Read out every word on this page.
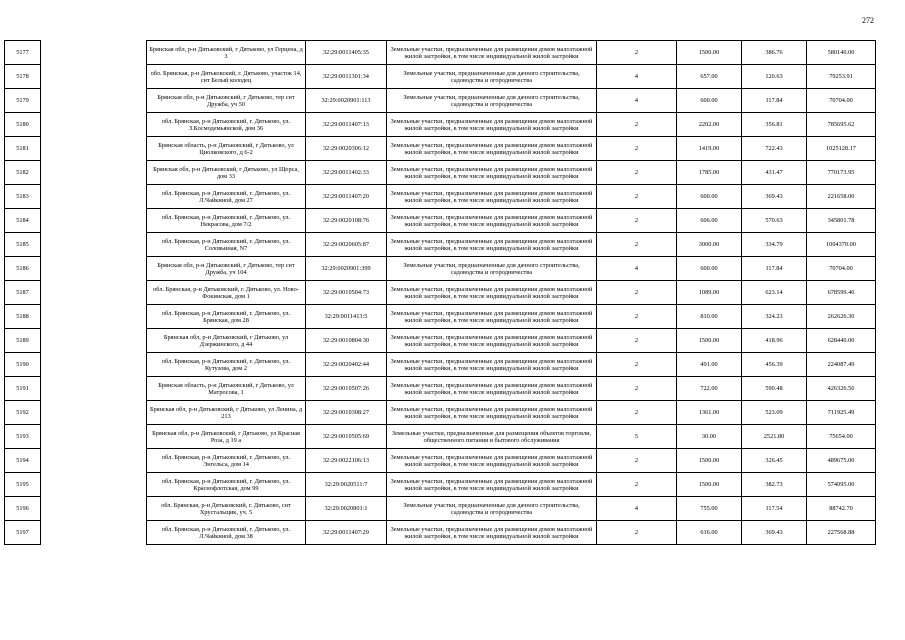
272
5177		Брянская обл, р-н Дятьковский, г Дятьково, ул Герцена, д 3	32:29:0011405:35	Земельные участки, предназначенные для размещения домов малоэтажной жилой застройки, в том числе индивидуальной жилой застройки	2	1500.00	386.76	580140.00
5178		обл. Брянская, р-н Дятьковский, г. Дятьково, участок 14, снт Белый колодец	32:29:0011301:34	Земельные участки, предназначенные для дачного строительства, садоводства и огородничества	4	657.00	120.63	79253.91
5179		Брянская обл, р-н Дятьковский, г Дятьково, тер снт Дружба, уч 50	32:29:0020901:113	Земельные участки, предназначенные для дачного строительства, садоводства и огородничества	4	600.00	117.84	70704.00
5180		обл. Брянская, р-н Дятьковский, г. Дятьково, ул. З.Космодемьянской, дом 36	32:29:0011407:13	Земельные участки, предназначенные для размещения домов малоэтажной жилой застройки, в том числе индивидуальной жилой застройки	2	2202.00	356.81	785695.62
5181		Брянская область, р-н Дятьковский, г Дятьково, ул Циолковского, д 6-2	32:29:0020306:12	Земельные участки, предназначенные для размещения домов малоэтажной жилой застройки, в том числе индивидуальной жилой застройки	2	1419.00	722.43	1025128.17
5182		Брянская обл, р-н Дятьковский, г Дятьково, ул Щорса, дом 33	32:29:0011402:33	Земельные участки, предназначенные для размещения домов малоэтажной жилой застройки, в том числе индивидуальной жилой застройки	2	1785.00	431.47	770173.95
5183		обл. Брянская, р-н Дятьковский, г. Дятьково, ул. Л.Чайкиной, дом 27	32:29:0011407:20	Земельные участки, предназначенные для размещения домов малоэтажной жилой застройки, в том числе индивидуальной жилой застройки	2	600.00	369.43	221658.00
5184		обл. Брянская, р-н Дятьковский, г. Дятьково, ул. Некрасова, дом 7/2	32:29:0020108:76	Земельные участки, предназначенные для размещения домов малоэтажной жилой застройки, в том числе индивидуальной жилой застройки	2	606.00	570.63	345801.78
5185		обл. Брянская, р-н Дятьковский, г. Дятьково, ул. Соловьиная, N7	32:29:0020605:87	Земельные участки, предназначенные для размещения домов малоэтажной жилой застройки, в том числе индивидуальной жилой застройки	2	3000.00	334.79	1004370.00
5186		Брянская обл, р-н Дятьковский, г Дятьково, тер снт Дружба, уч 104	32:29:0020901:399	Земельные участки, предназначенные для дачного строительства, садоводства и огородничества	4	600.00	117.84	70704.00
5187		обл. Брянская, р-н Дятьковский, г. Дятьково, ул. Ново-Фокинская, дом 1	32:29:0010504:73	Земельные участки, предназначенные для размещения домов малоэтажной жилой застройки, в том числе индивидуальной жилой застройки	2	1089.00	623.14	678599.46
5188		обл. Брянская, р-н Дятьковский, г. Дятьково, ул. Брянская, дом 28	32:29:0011413:5	Земельные участки, предназначенные для размещения домов малоэтажной жилой застройки, в том числе индивидуальной жилой застройки	2	810.00	324.23	262626.30
5189		Брянская обл, р-н Дятьковский, г Дятьково, ул Дзержинского, д 44	32:29:0010804:30	Земельные участки, предназначенные для размещения домов малоэтажной жилой застройки, в том числе индивидуальной жилой застройки	2	1500.00	418.96	628440.00
5190		обл. Брянская, р-н Дятьковский, г. Дятьково, ул. Кутузова, дом 2	32:29:0020402:44	Земельные участки, предназначенные для размещения домов малоэтажной жилой застройки, в том числе индивидуальной жилой застройки	2	491.00	456.39	224087.49
5191		Брянская область, р-н Дятьковский, г Дятьково, ул Матросова, 1	32:29:0010507:26	Земельные участки, предназначенные для размещения домов малоэтажной жилой застройки, в том числе индивидуальной жилой застройки	2	722.00	590.48	426326.56
5192		Брянская обл, р-н Дятьковский, г Дятьково, ул Ленина, д 213	32:29:0010308:27	Земельные участки, предназначенные для размещения домов малоэтажной жилой застройки, в том числе индивидуальной жилой застройки	2	1361.00	523.09	711925.49
5193		Брянская обл, р-н Дятьковский, г Дятьково, ул Красная Роза, д 19 а	32:29:0010505:69	Земельные участки, предназначенные для размещения объектов торговли, общественного питания и бытового обслуживания	5	30.00	2521.80	75654.00
5194		обл. Брянская, р-н Дятьковский, г. Дятьково, ул. Энгельса, дом 14	32:29:0022106:13	Земельные участки, предназначенные для размещения домов малоэтажной жилой застройки, в том числе индивидуальной жилой застройки	2	1500.00	326.45	489675.00
5195		обл. Брянская, р-н Дятьковский, г. Дятьково, ул. Краснофлотская, дом 99	32:29:0020511:7	Земельные участки, предназначенные для размещения домов малоэтажной жилой застройки, в том числе индивидуальной жилой застройки	2	1500.00	382.73	574095.00
5196		обл. Брянская, р-н Дятьковский, г. Дятьково, снт Хрустальщик, уч. 5	32:29:0020801:1	Земельные участки, предназначенные для дачного строительства, садоводства и огородничества	4	755.00	117.54	88742.70
5197		обл. Брянская, р-н Дятьковский, г. Дятьково, ул. Л.Чайкиной, дом 38	32:29:0011407:29	Земельные участки, предназначенные для размещения домов малоэтажной жилой застройки, в том числе индивидуальной жилой застройки	2	616.00	369.43	227568.88
